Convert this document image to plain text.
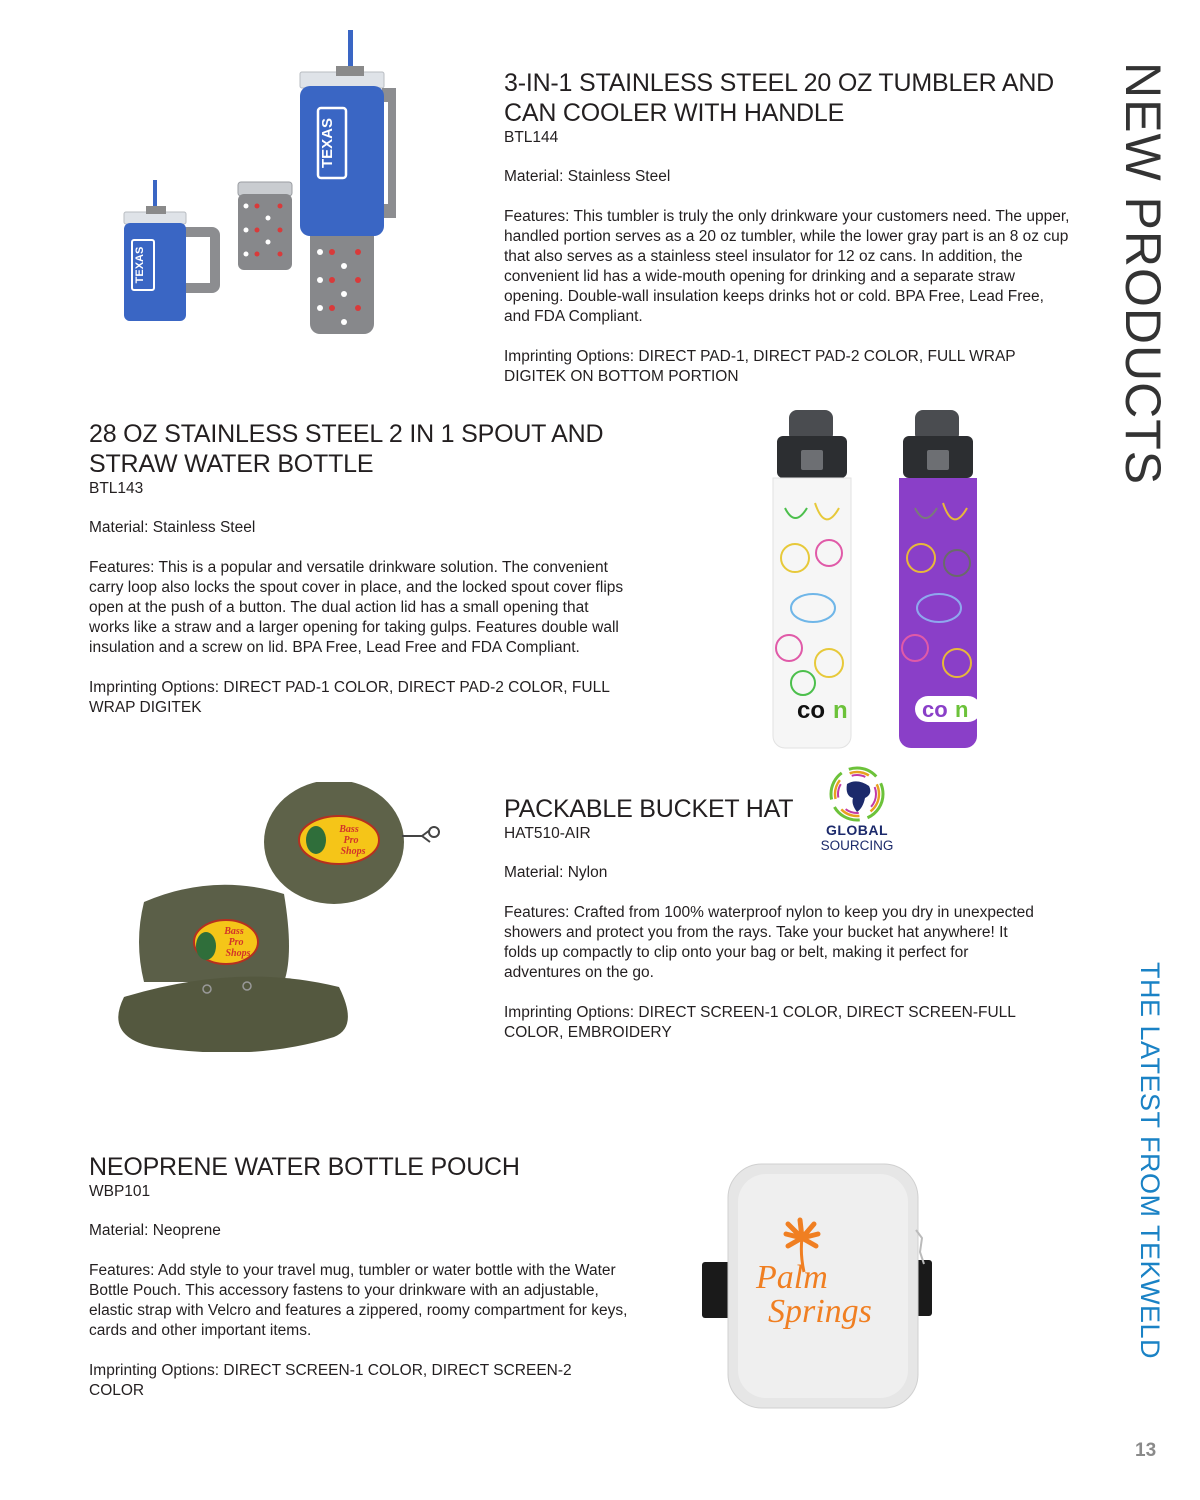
TEXAS
TEXAS
3-IN-1 STAINLESS STEEL 20 OZ TUMBLER AND
CAN COOLER WITH HANDLE
BTL144

Material: Stainless Steel

Features: This tumbler is truly the only drinkware your customers need. The upper, handled portion serves as a 20 oz tumbler, while the lower gray part is an 8 oz cup that also serves as a stainless steel insulator for 12 oz cans. In addition, the convenient lid has a wide-mouth opening for drinking and a separate straw opening. Double-wall insulation keeps drinks hot or cold. BPA Free, Lead Free, and FDA Compliant.

Imprinting Options: DIRECT PAD-1, DIRECT PAD-2 COLOR, FULL WRAP DIGITEK ON BOTTOM PORTION

28 OZ STAINLESS STEEL 2 IN 1 SPOUT AND
STRAW WATER BOTTLE
BTL143

Material: Stainless Steel

Features: This is a popular and versatile drinkware solution. The convenient carry loop also locks the spout cover in place, and the locked spout cover flips open at the push of a button. The dual action lid has a small opening that works like a straw and a larger opening for taking gulps. Features double wall insulation and a screw on lid. BPA Free, Lead Free and FDA Compliant.

Imprinting Options: DIRECT PAD-1 COLOR, DIRECT PAD-2 COLOR, FULL WRAP DIGITEK	co n	co n
Bass
Pro
Shops
Bass
Pro
Shops
PACKABLE BUCKET HAT
HAT510-AIR

Material: Nylon

Features: Crafted from 100% waterproof nylon to keep you dry in unexpected showers and protect you from the rays. Take your bucket hat anywhere! It folds up compactly to clip onto your bag or belt, making it perfect for adventures on the go.

Imprinting Options: DIRECT SCREEN-1 COLOR, DIRECT SCREEN-FULL COLOR, EMBROIDERY

GLOBAL
SOURCING
NEOPRENE WATER BOTTLE POUCH
WBP101

Material: Neoprene

Features: Add style to your travel mug, tumbler or water bottle with the Water Bottle Pouch. This accessory fastens to your drinkware with an adjustable, elastic strap with Velcro and features a zippered, roomy compartment for keys, cards and other important items.

Imprinting Options: DIRECT SCREEN-1 COLOR, DIRECT SCREEN-2 COLOR

Palm
Springs
NEW PRODUCTS
THE LATEST FROM TEKWELD
13
